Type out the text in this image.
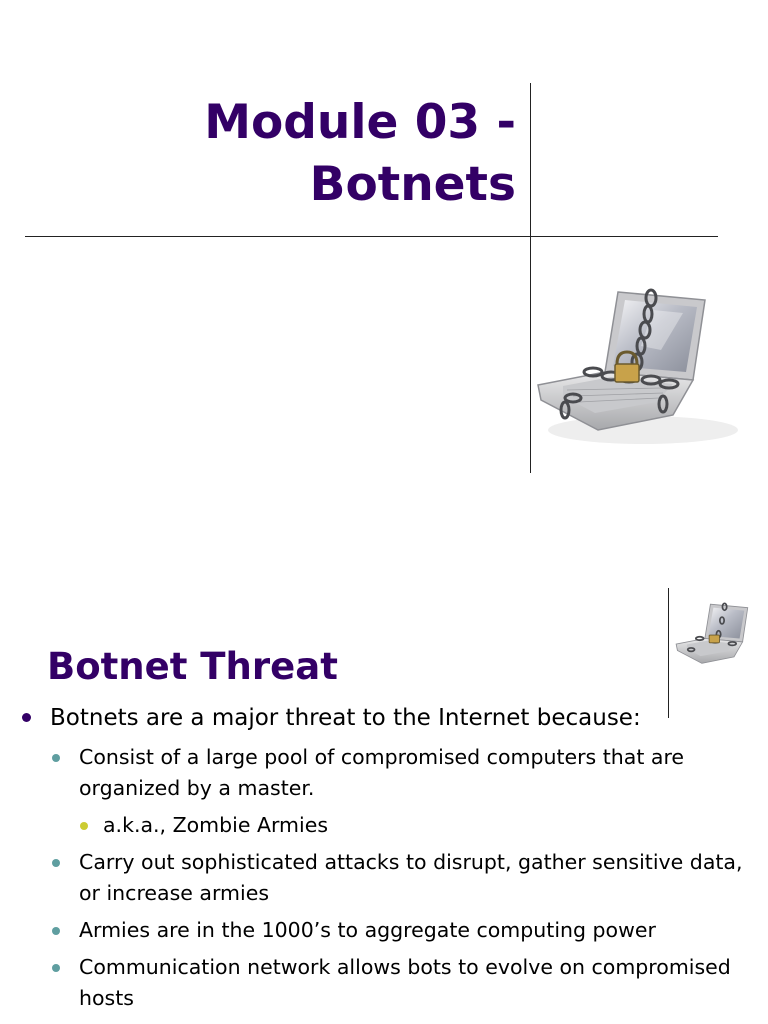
Module 03 -
Botnets
Botnet Threat
Botnets are a major threat to the Internet because:
Consist of a large pool of compromised computers that are organized by a master.
a.k.a., Zombie Armies
Carry out sophisticated attacks to disrupt, gather sensitive data, or increase armies
Armies are in the 1000’s to aggregate computing power
Communication network allows bots to evolve on compromised hosts
